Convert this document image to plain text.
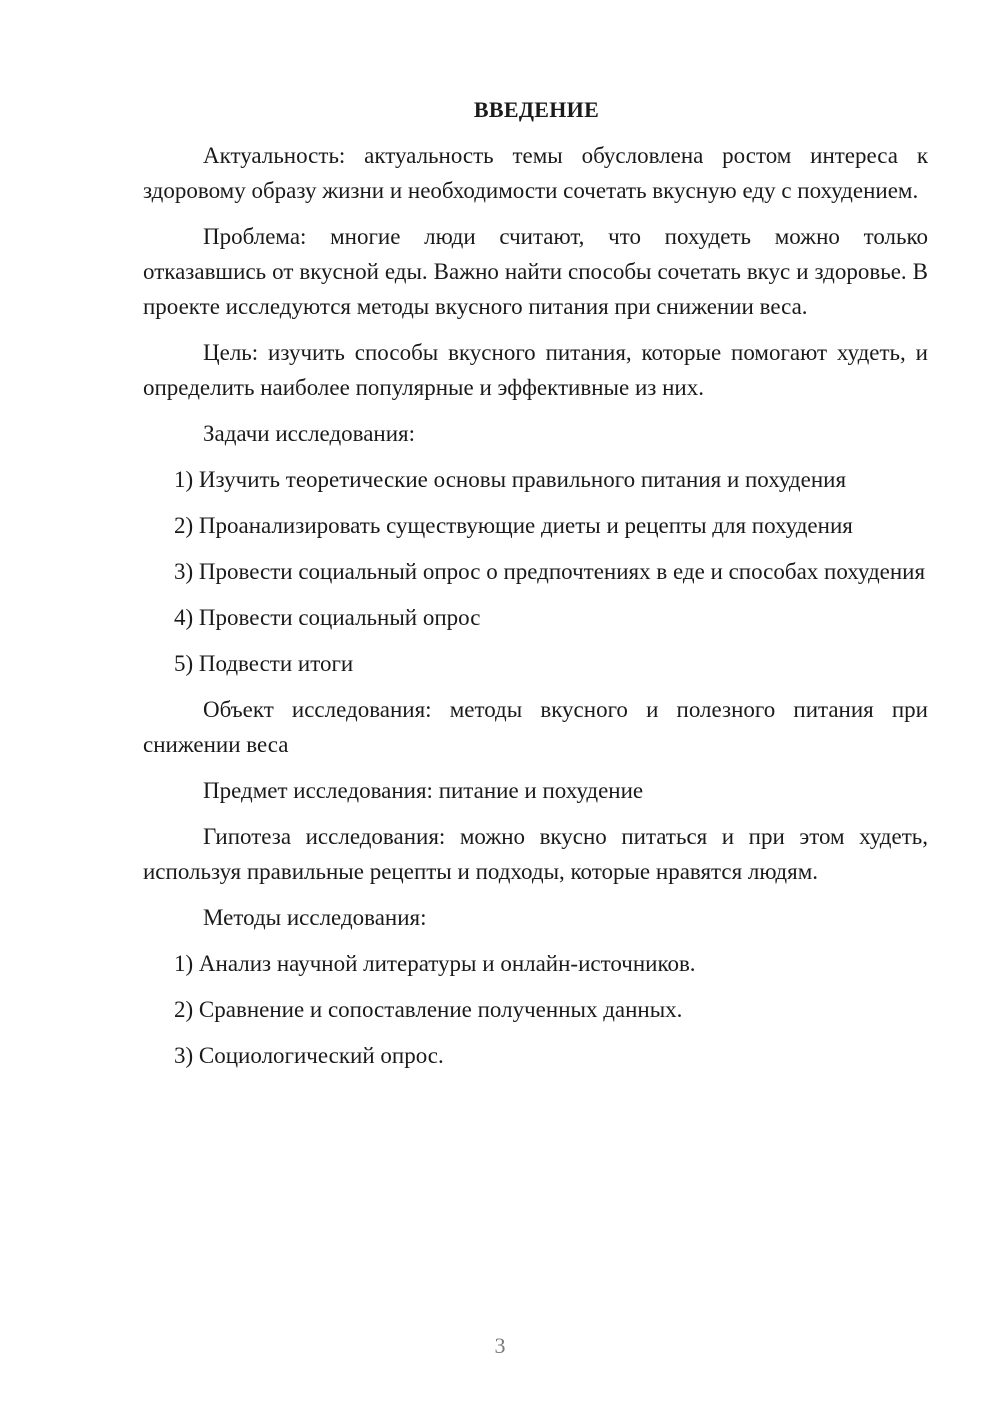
ВВЕДЕНИЕ

Актуальность: актуальность темы обусловлена ростом интереса к здоровому образу жизни и необходимости сочетать вкусную еду с похудением.

Проблема: многие люди считают, что похудеть можно только отказавшись от вкусной еды. Важно найти способы сочетать вкус и здоровье. В проекте исследуются методы вкусного питания при снижении веса.

Цель: изучить способы вкусного питания, которые помогают худеть, и определить наиболее популярные и эффективные из них.

Задачи исследования:

1) Изучить теоретические основы правильного питания и похудения

2) Проанализировать существующие диеты и рецепты для похудения

3) Провести социальный опрос о предпочтениях в еде и способах похудения

4) Провести социальный опрос

5) Подвести итоги

Объект исследования: методы вкусного и полезного питания при снижении веса

Предмет исследования: питание и похудение

Гипотеза исследования: можно вкусно питаться и при этом худеть, используя правильные рецепты и подходы, которые нравятся людям.

Методы исследования:

1) Анализ научной литературы и онлайн-источников.

2) Сравнение и сопоставление полученных данных.

3) Социологический опрос.

3
